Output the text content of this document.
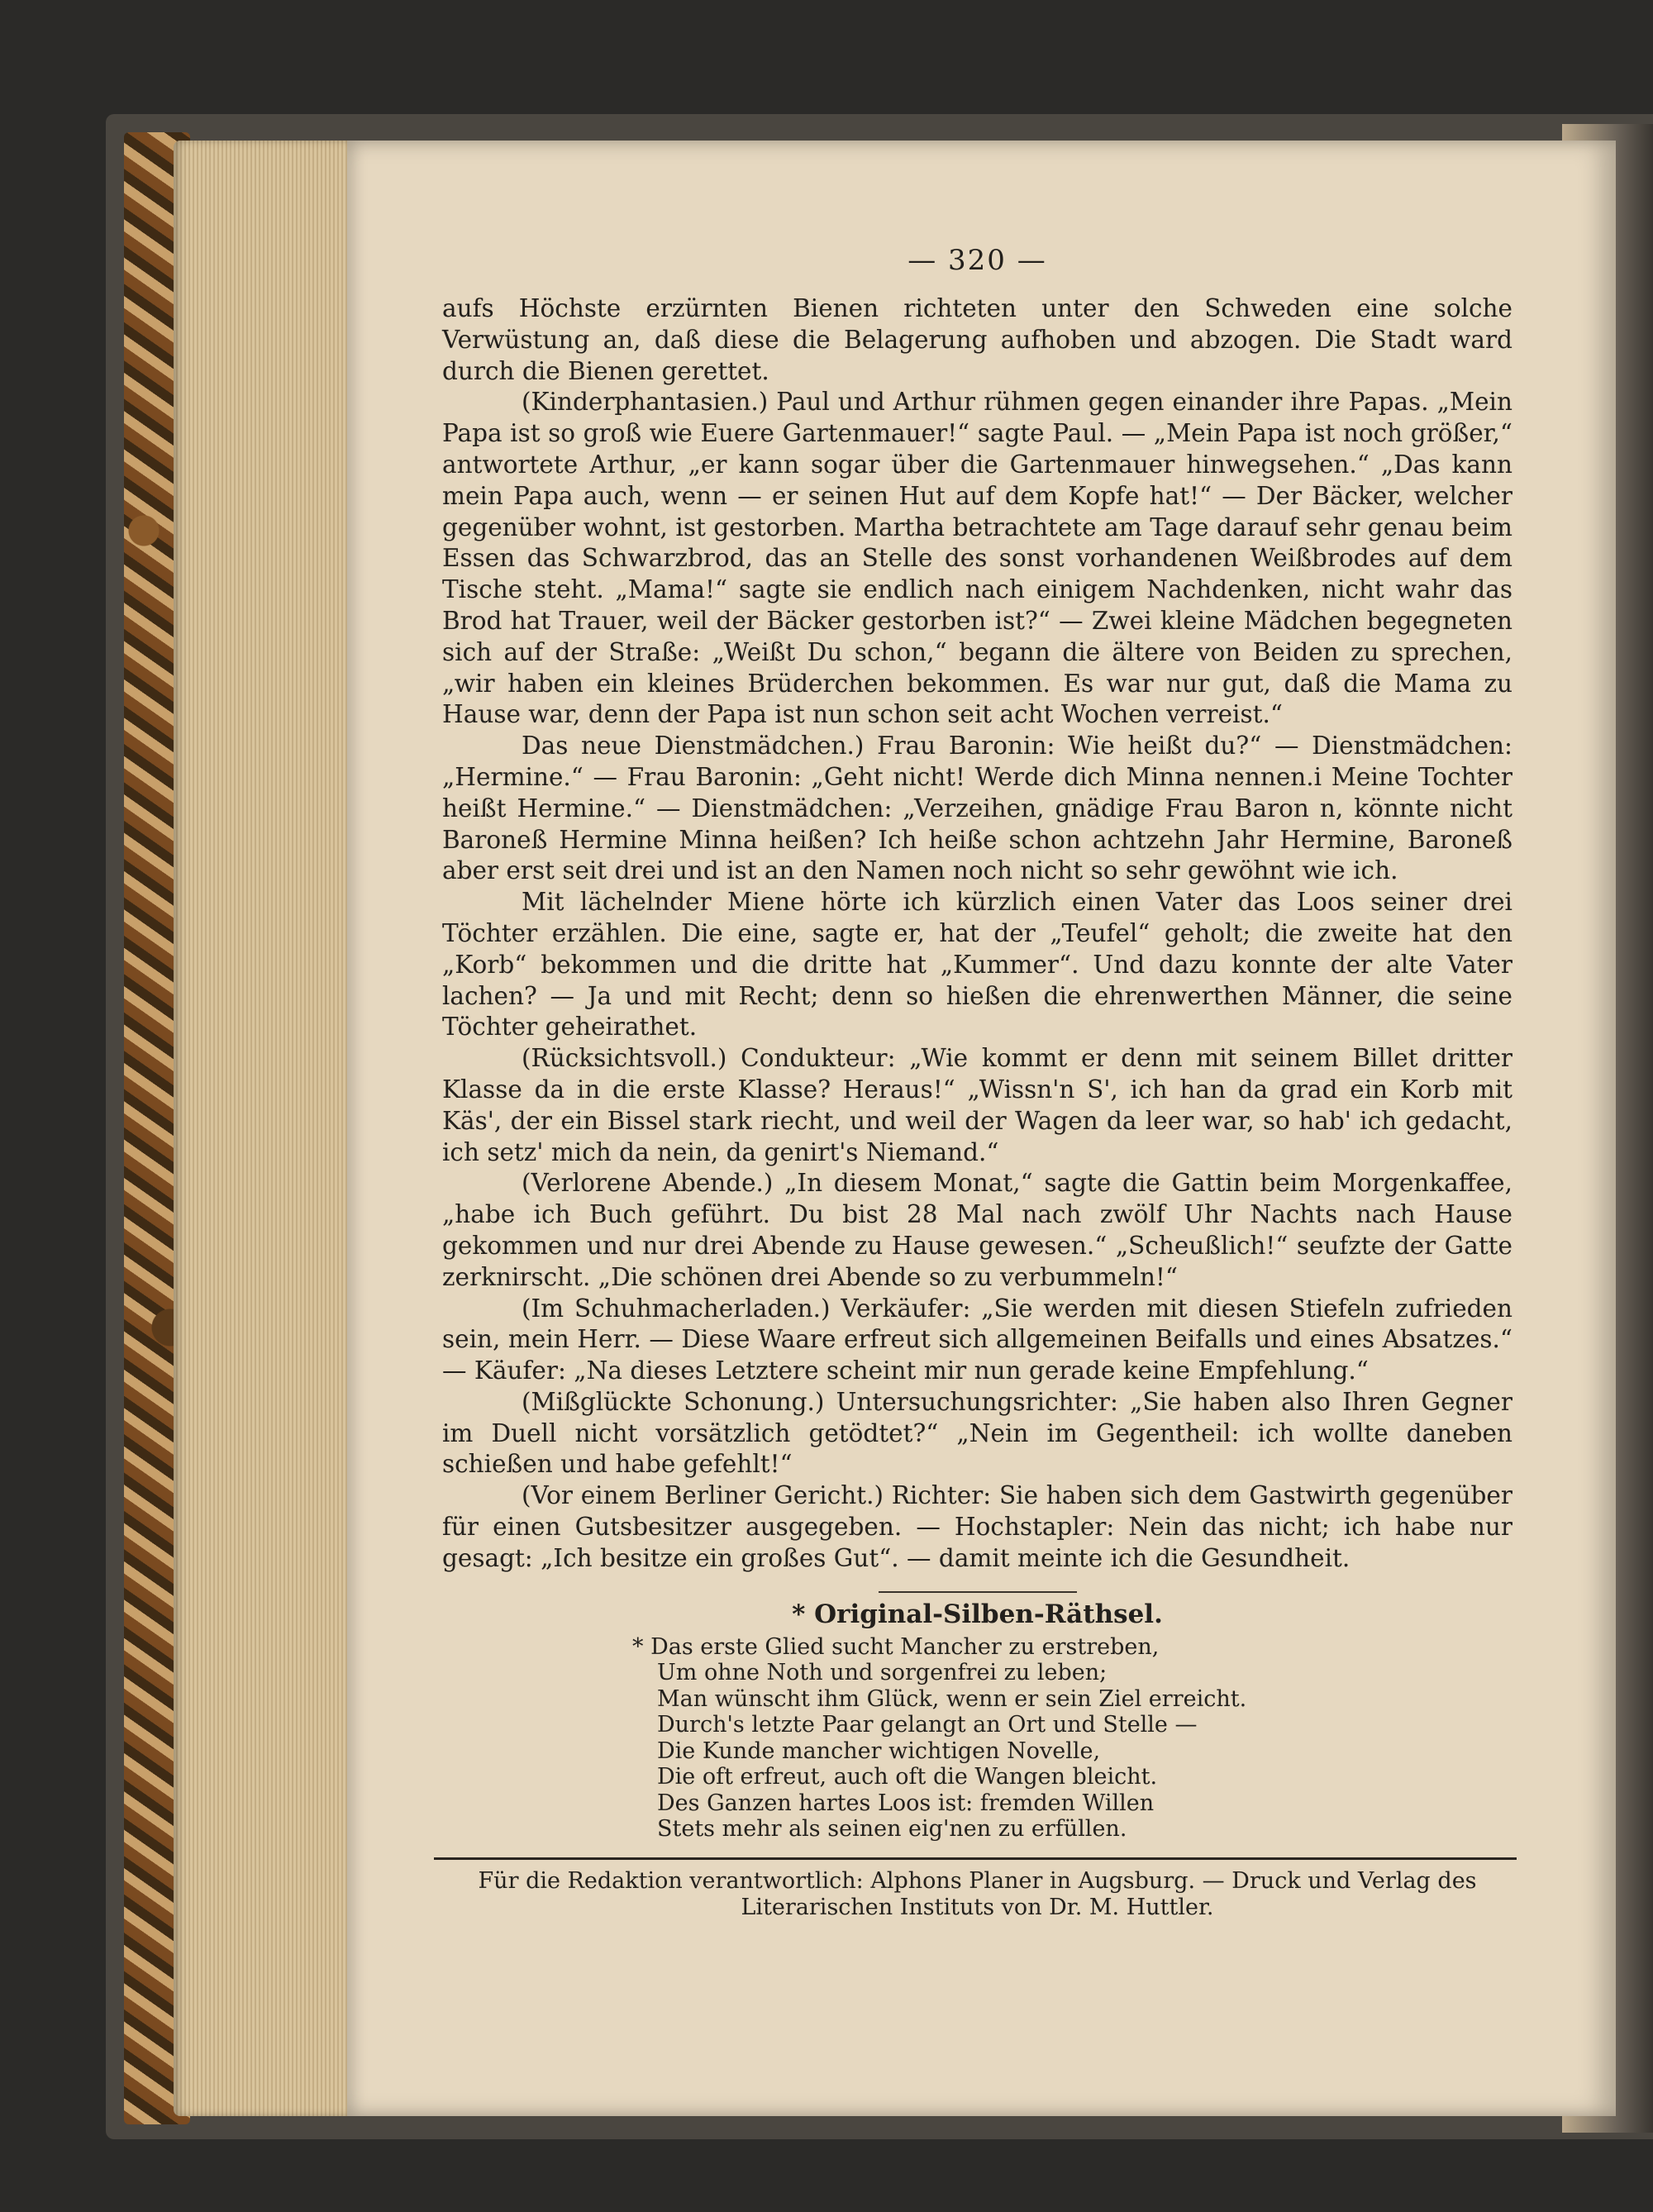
— 320 —

aufs Höchste erzürnten Bienen richteten unter den Schweden eine solche Verwüstung an, daß diese die Belagerung aufhoben und abzogen. Die Stadt ward durch die Bienen gerettet.

(Kinderphantasien.) Paul und Arthur rühmen gegen einander ihre Papas. „Mein Papa ist so groß wie Euere Gartenmauer!“ sagte Paul. — „Mein Papa ist noch größer,“ antwortete Arthur, „er kann sogar über die Gartenmauer hinwegsehen.“ „Das kann mein Papa auch, wenn — er seinen Hut auf dem Kopfe hat!“ — Der Bäcker, welcher gegenüber wohnt, ist gestorben. Martha betrachtete am Tage darauf sehr genau beim Essen das Schwarzbrod, das an Stelle des sonst vorhandenen Weißbrodes auf dem Tische steht. „Mama!“ sagte sie endlich nach einigem Nachdenken, nicht wahr das Brod hat Trauer, weil der Bäcker gestorben ist?“ — Zwei kleine Mädchen begegneten sich auf der Straße: „Weißt Du schon,“ begann die ältere von Beiden zu sprechen, „wir haben ein kleines Brüderchen bekommen. Es war nur gut, daß die Mama zu Hause war, denn der Papa ist nun schon seit acht Wochen verreist.“

Das neue Dienstmädchen.) Frau Baronin: Wie heißt du?“ — Dienstmädchen: „Hermine.“ — Frau Baronin: „Geht nicht! Werde dich Minna nennen.i Meine Tochter heißt Hermine.“ — Dienstmädchen: „Verzeihen, gnädige Frau Baron n, könnte nicht Baroneß Hermine Minna heißen? Ich heiße schon achtzehn Jahr Hermine, Baroneß aber erst seit drei und ist an den Namen noch nicht so sehr gewöhnt wie ich.

Mit lächelnder Miene hörte ich kürzlich einen Vater das Loos seiner drei Töchter erzählen. Die eine, sagte er, hat der „Teufel“ geholt; die zweite hat den „Korb“ bekommen und die dritte hat „Kummer“. Und dazu konnte der alte Vater lachen? — Ja und mit Recht; denn so hießen die ehrenwerthen Männer, die seine Töchter geheirathet.

(Rücksichtsvoll.) Condukteur: „Wie kommt er denn mit seinem Billet dritter Klasse da in die erste Klasse? Heraus!“ „Wissn'n S', ich han da grad ein Korb mit Käs', der ein Bissel stark riecht, und weil der Wagen da leer war, so hab' ich gedacht, ich setz' mich da nein, da genirt's Niemand.“

(Verlorene Abende.) „In diesem Monat,“ sagte die Gattin beim Morgenkaffee, „habe ich Buch geführt. Du bist 28 Mal nach zwölf Uhr Nachts nach Hause gekommen und nur drei Abende zu Hause gewesen.“ „Scheußlich!“ seufzte der Gatte zerknirscht. „Die schönen drei Abende so zu verbummeln!“

(Im Schuhmacherladen.) Verkäufer: „Sie werden mit diesen Stiefeln zufrieden sein, mein Herr. — Diese Waare erfreut sich allgemeinen Beifalls und eines Absatzes.“ — Käufer: „Na dieses Letztere scheint mir nun gerade keine Empfehlung.“

(Mißglückte Schonung.) Untersuchungsrichter: „Sie haben also Ihren Gegner im Duell nicht vorsätzlich getödtet?“ „Nein im Gegentheil: ich wollte daneben schießen und habe gefehlt!“

(Vor einem Berliner Gericht.) Richter: Sie haben sich dem Gastwirth gegenüber für einen Gutsbesitzer ausgegeben. — Hochstapler: Nein das nicht; ich habe nur gesagt: „Ich besitze ein großes Gut“. — damit meinte ich die Gesundheit.

* Original-Silben-Räthsel.
* Das erste Glied sucht Mancher zu erstreben,
Um ohne Noth und sorgenfrei zu leben;
Man wünscht ihm Glück, wenn er sein Ziel erreicht.
Durch's letzte Paar gelangt an Ort und Stelle —
Die Kunde mancher wichtigen Novelle,
Die oft erfreut, auch oft die Wangen bleicht.
Des Ganzen hartes Loos ist: fremden Willen
Stets mehr als seinen eig'nen zu erfüllen.
Für die Redaktion verantwortlich: Alphons Planer in Augsburg. — Druck und Verlag des
Literarischen Instituts von Dr. M. Huttler.
